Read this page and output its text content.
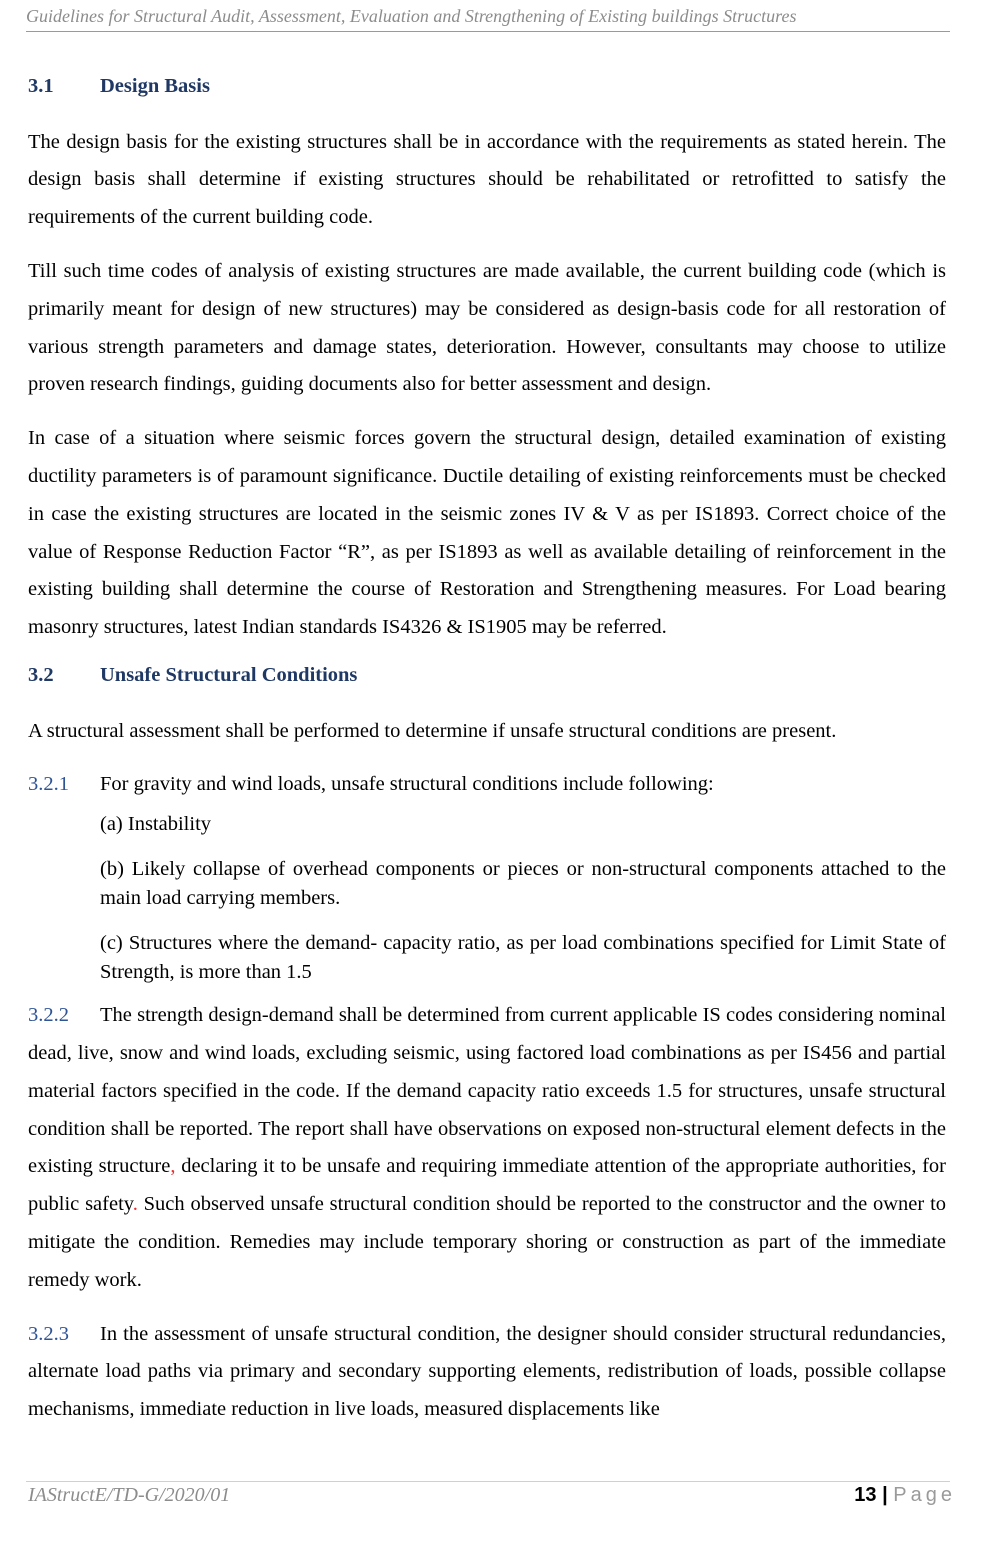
Guidelines for Structural Audit, Assessment, Evaluation and Strengthening of Existing buildings Structures
3.1 Design Basis
The design basis for the existing structures shall be in accordance with the requirements as stated herein. The design basis shall determine if existing structures should be rehabilitated or retrofitted to satisfy the requirements of the current building code.
Till such time codes of analysis of existing structures are made available, the current building code (which is primarily meant for design of new structures) may be considered as design-basis code for all restoration of various strength parameters and damage states, deterioration. However, consultants may choose to utilize proven research findings, guiding documents also for better assessment and design.
In case of a situation where seismic forces govern the structural design, detailed examination of existing ductility parameters is of paramount significance. Ductile detailing of existing reinforcements must be checked in case the existing structures are located in the seismic zones IV & V as per IS1893. Correct choice of the value of Response Reduction Factor “R”, as per IS1893 as well as available detailing of reinforcement in the existing building shall determine the course of Restoration and Strengthening measures. For Load bearing masonry structures, latest Indian standards IS4326 & IS1905 may be referred.
3.2 Unsafe Structural Conditions
A structural assessment shall be performed to determine if unsafe structural conditions are present.
3.2.1 For gravity and wind loads, unsafe structural conditions include following:
(a) Instability
(b) Likely collapse of overhead components or pieces or non-structural components attached to the main load carrying members.
(c) Structures where the demand- capacity ratio, as per load combinations specified for Limit State of Strength, is more than 1.5
3.2.2 The strength design-demand shall be determined from current applicable IS codes considering nominal dead, live, snow and wind loads, excluding seismic, using factored load combinations as per IS456 and partial material factors specified in the code. If the demand capacity ratio exceeds 1.5 for structures, unsafe structural condition shall be reported. The report shall have observations on exposed non-structural element defects in the existing structure, declaring it to be unsafe and requiring immediate attention of the appropriate authorities, for public safety. Such observed unsafe structural condition should be reported to the constructor and the owner to mitigate the condition. Remedies may include temporary shoring or construction as part of the immediate remedy work.
3.2.3 In the assessment of unsafe structural condition, the designer should consider structural redundancies, alternate load paths via primary and secondary supporting elements, redistribution of loads, possible collapse mechanisms, immediate reduction in live loads, measured displacements like
IAStructE/TD-G/2020/01	13 | Page
